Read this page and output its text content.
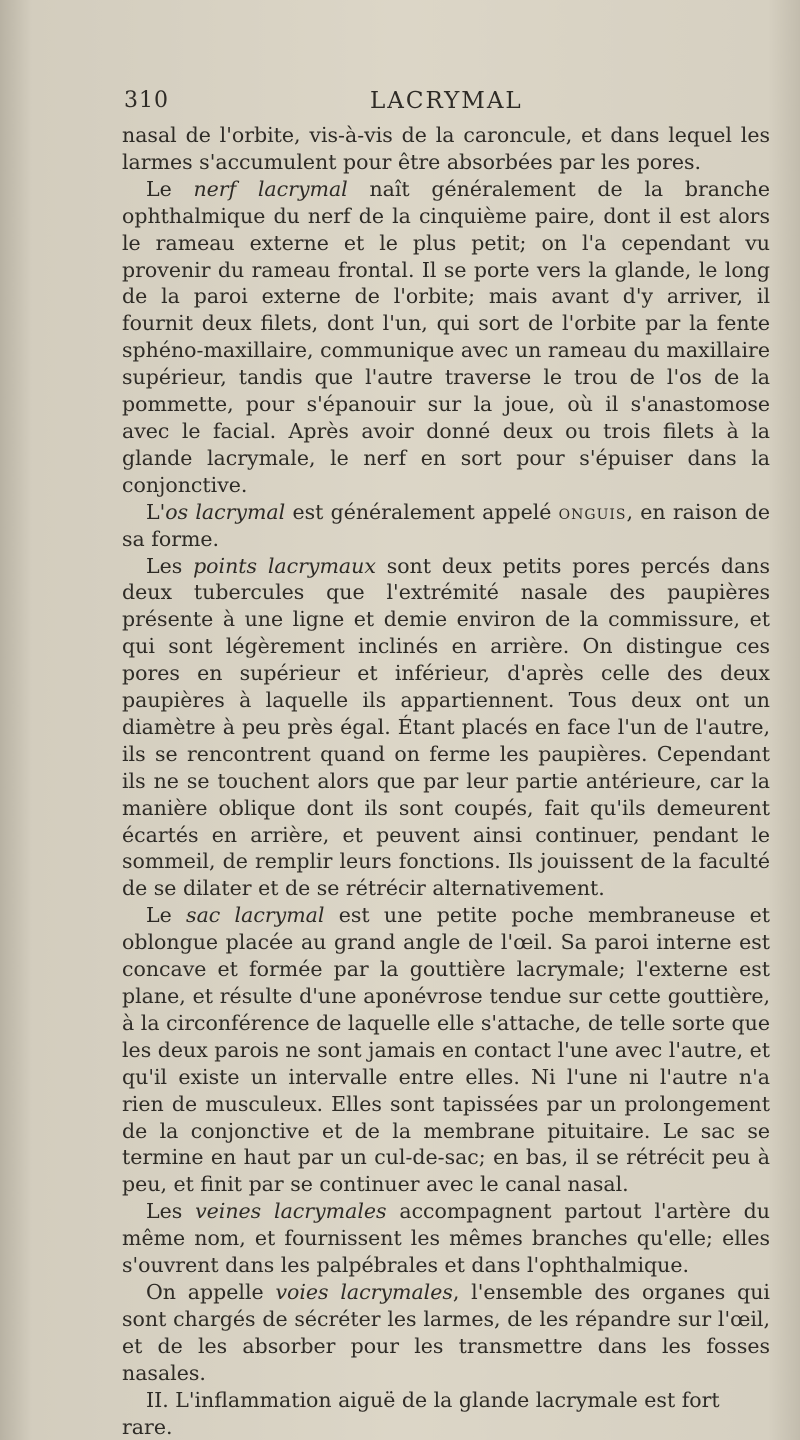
310	LACRYMAL

nasal de l'orbite, vis-à-vis de la caroncule, et dans lequel les larmes s'accumulent pour être absorbées par les pores.

Le nerf lacrymal naît généralement de la branche ophthalmique du nerf de la cinquième paire, dont il est alors le rameau externe et le plus petit; on l'a cependant vu provenir du rameau frontal. Il se porte vers la glande, le long de la paroi externe de l'orbite; mais avant d'y arriver, il fournit deux filets, dont l'un, qui sort de l'orbite par la fente sphéno-maxillaire, communique avec un rameau du maxillaire supérieur, tandis que l'autre traverse le trou de l'os de la pommette, pour s'épanouir sur la joue, où il s'anastomose avec le facial. Après avoir donné deux ou trois filets à la glande lacrymale, le nerf en sort pour s'épuiser dans la conjonctive.

L'os lacrymal est généralement appelé onguis, en raison de sa forme.

Les points lacrymaux sont deux petits pores percés dans deux tubercules que l'extrémité nasale des paupières présente à une ligne et demie environ de la commissure, et qui sont légèrement inclinés en arrière. On distingue ces pores en supérieur et inférieur, d'après celle des deux paupières à laquelle ils appartiennent. Tous deux ont un diamètre à peu près égal. Étant placés en face l'un de l'autre, ils se rencontrent quand on ferme les paupières. Cependant ils ne se touchent alors que par leur partie antérieure, car la manière oblique dont ils sont coupés, fait qu'ils demeurent écartés en arrière, et peuvent ainsi continuer, pendant le sommeil, de remplir leurs fonctions. Ils jouissent de la faculté de se dilater et de se rétrécir alternativement.

Le sac lacrymal est une petite poche membraneuse et oblongue placée au grand angle de l'œil. Sa paroi interne est concave et formée par la gouttière lacrymale; l'externe est plane, et résulte d'une aponévrose tendue sur cette gouttière, à la circonférence de laquelle elle s'attache, de telle sorte que les deux parois ne sont jamais en contact l'une avec l'autre, et qu'il existe un intervalle entre elles. Ni l'une ni l'autre n'a rien de musculeux. Elles sont tapissées par un prolongement de la conjonctive et de la membrane pituitaire. Le sac se termine en haut par un cul-de-sac; en bas, il se rétrécit peu à peu, et finit par se continuer avec le canal nasal.

Les veines lacrymales accompagnent partout l'artère du même nom, et fournissent les mêmes branches qu'elle; elles s'ouvrent dans les palpébrales et dans l'ophthalmique.

On appelle voies lacrymales, l'ensemble des organes qui sont chargés de sécréter les larmes, de les répandre sur l'œil, et de les absorber pour les transmettre dans les fosses nasales.

II. L'inflammation aiguë de la glande lacrymale est fort rare.
